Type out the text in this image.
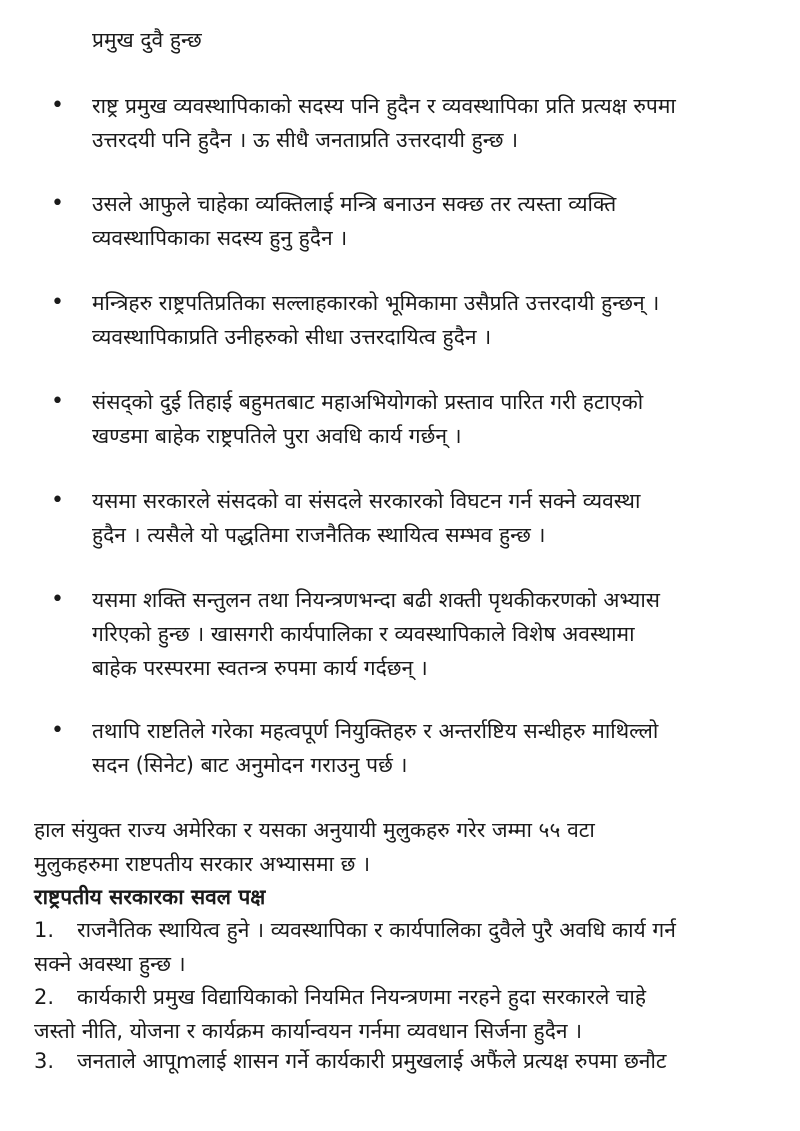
प्रमुख दुवै हुन्छ
• राष्ट्र प्रमुख व्यवस्थापिकाको सदस्य पनि हुदैन र व्यवस्थापिका प्रति प्रत्यक्ष रुपमा
उत्तरदयी पनि हुदैन । ऊ सीधै जनताप्रति उत्तरदायी हुन्छ ।
• उसले आफुले चाहेका व्यक्तिलाई मन्त्रि बनाउन सक्छ तर त्यस्ता व्यक्ति
व्यवस्थापिकाका सदस्य हुनु हुदैन ।
• मन्त्रिहरु राष्ट्रपतिप्रतिका सल्लाहकारको भूमिकामा उसैप्रति उत्तरदायी हुन्छन् ।
व्यवस्थापिकाप्रति उनीहरुको सीधा उत्तरदायित्व हुदैन ।
• संसद्को दुई तिहाई बहुमतबाट महाअभियोगको प्रस्ताव पारित गरी हटाएको
खण्डमा बाहेक राष्ट्रपतिले पुरा अवधि कार्य गर्छन् ।
• यसमा सरकारले संसदको वा संसदले सरकारको विघटन गर्न सक्ने व्यवस्था
हुदैन । त्यसैले यो पद्धतिमा राजनैतिक स्थायित्व सम्भव हुन्छ ।
• यसमा शक्ति सन्तुलन तथा नियन्त्रणभन्दा बढी शक्ती पृथकीकरणको अभ्यास
गरिएको हुन्छ । खासगरी कार्यपालिका र व्यवस्थापिकाले विशेष अवस्थामा
बाहेक परस्परमा स्वतन्त्र रुपमा कार्य गर्दछन् ।
• तथापि राष्टतिले गरेका महत्वपूर्ण नियुक्तिहरु र अन्तर्राष्टिय सन्धीहरु माथिल्लो
सदन (सिनेट) बाट अनुमोदन गराउनु पर्छ ।
हाल संयुक्त राज्य अमेरिका र यसका अनुयायी मुलुकहरु गरेर जम्मा ५५ वटा
मुलुकहरुमा राष्टपतीय सरकार अभ्यासमा छ ।
राष्ट्रपतीय सरकारका सवल पक्ष
1. राजनैतिक स्थायित्व हुने । व्यवस्थापिका र कार्यपालिका दुवैले पुरै अवधि कार्य गर्न
सक्ने अवस्था हुन्छ ।
2. कार्यकारी प्रमुख विद्यायिकाको नियमित नियन्त्रणमा नरहने हुदा सरकारले चाहे
जस्तो नीति, योजना र कार्यक्रम कार्यान्वयन गर्नमा व्यवधान सिर्जना हुदैन ।
3. जनताले आपूmलाई शासन गर्ने कार्यकारी प्रमुखलाई अफैंले प्रत्यक्ष रुपमा छनौट
